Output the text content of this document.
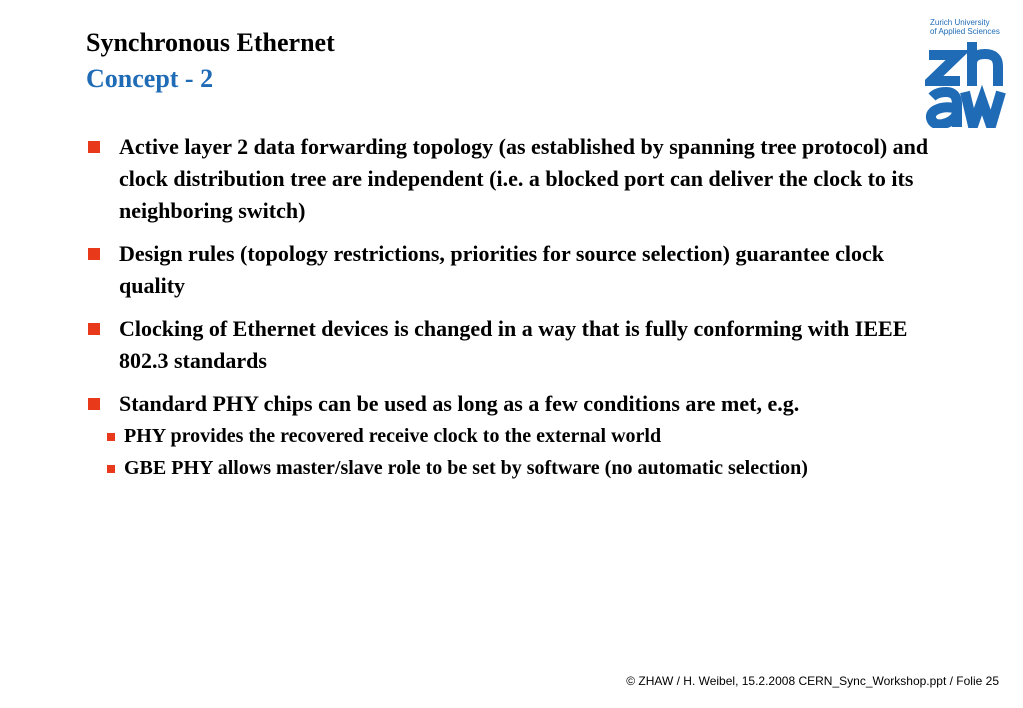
Synchronous Ethernet
Concept - 2
Zurich University
of Applied Sciences
Active layer 2 data forwarding topology (as established by spanning tree protocol) and clock distribution tree are independent (i.e. a blocked port can deliver the clock to its neighboring switch)
Design rules (topology restrictions, priorities for source selection) guarantee clock quality
Clocking of Ethernet devices is changed in a way that is fully conforming with IEEE 802.3 standards
Standard PHY chips can be used as long as a few conditions are met, e.g.
PHY provides the recovered receive clock to the external world
GBE PHY allows master/slave role to be set by software (no automatic selection)
© ZHAW / H. Weibel, 15.2.2008 CERN_Sync_Workshop.ppt / Folie 25
